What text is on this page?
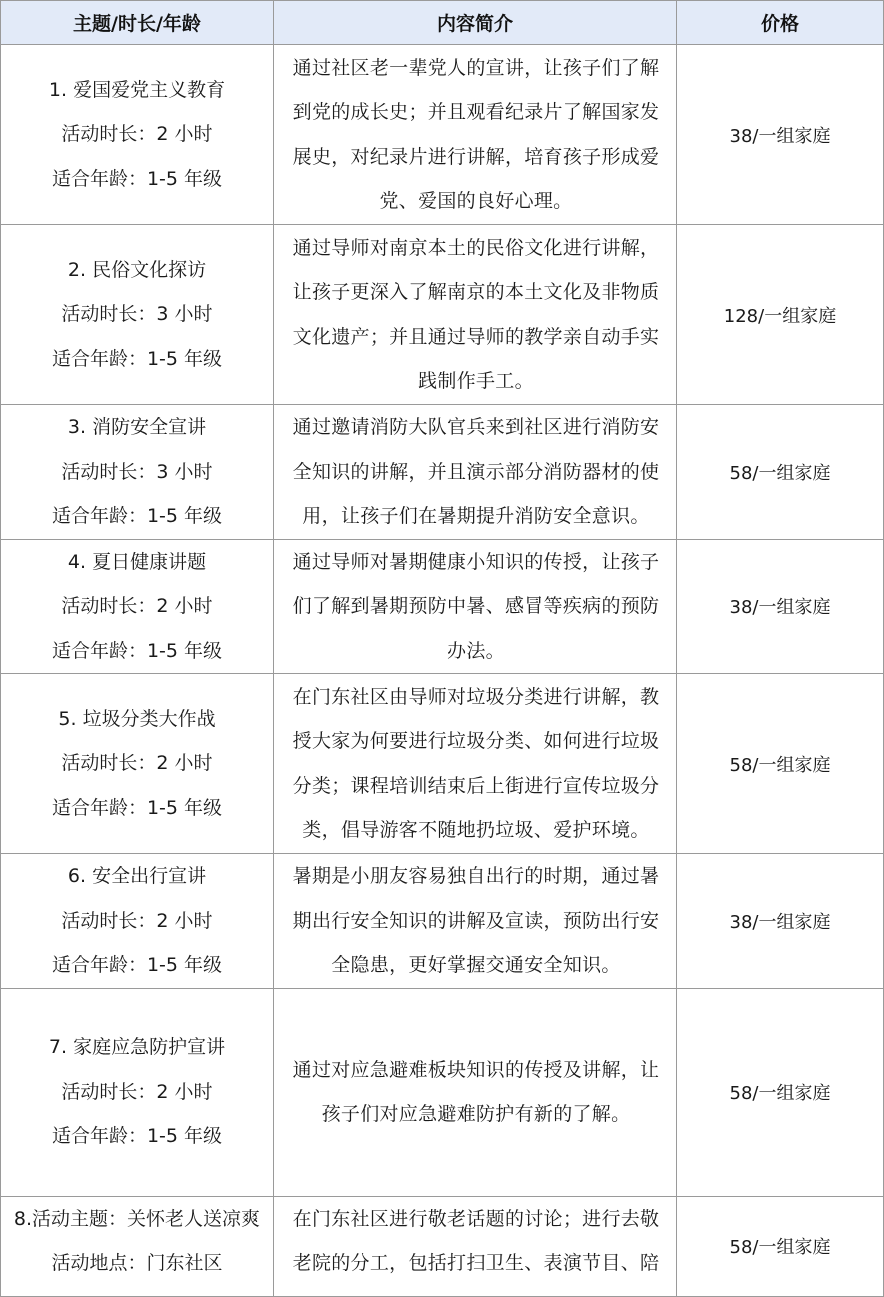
主题/时长/年龄	内容简介	价格

1. 爱国爱党主义教育
活动时长：2 小时
适合年龄：1-5 年级	通过社区老一辈党人的宣讲，让孩子们了解到党的成长史；并且观看纪录片了解国家发展史，对纪录片进行讲解，培育孩子形成爱党、爱国的良好心理。	38/一组家庭

2. 民俗文化探访
活动时长：3 小时
适合年龄：1-5 年级	通过导师对南京本土的民俗文化进行讲解，让孩子更深入了解南京的本土文化及非物质文化遗产；并且通过导师的教学亲自动手实践制作手工。	128/一组家庭

3. 消防安全宣讲
活动时长：3 小时
适合年龄：1-5 年级	通过邀请消防大队官兵来到社区进行消防安全知识的讲解，并且演示部分消防器材的使用，让孩子们在暑期提升消防安全意识。	58/一组家庭

4. 夏日健康讲题
活动时长：2 小时
适合年龄：1-5 年级	通过导师对暑期健康小知识的传授，让孩子们了解到暑期预防中暑、感冒等疾病的预防办法。	38/一组家庭

5. 垃圾分类大作战
活动时长：2 小时
适合年龄：1-5 年级	在门东社区由导师对垃圾分类进行讲解，教授大家为何要进行垃圾分类、如何进行垃圾分类；课程培训结束后上街进行宣传垃圾分类，倡导游客不随地扔垃圾、爱护环境。	58/一组家庭

6. 安全出行宣讲
活动时长：2 小时
适合年龄：1-5 年级	暑期是小朋友容易独自出行的时期，通过暑期出行安全知识的讲解及宣读，预防出行安全隐患，更好掌握交通安全知识。	38/一组家庭

7. 家庭应急防护宣讲
活动时长：2 小时
适合年龄：1-5 年级	通过对应急避难板块知识的传授及讲解，让孩子们对应急避难防护有新的了解。	58/一组家庭

8.活动主题：关怀老人送凉爽
活动地点：门东社区	在门东社区进行敬老话题的讨论；进行去敬老院的分工，包括打扫卫生、表演节目、陪	58/一组家庭
